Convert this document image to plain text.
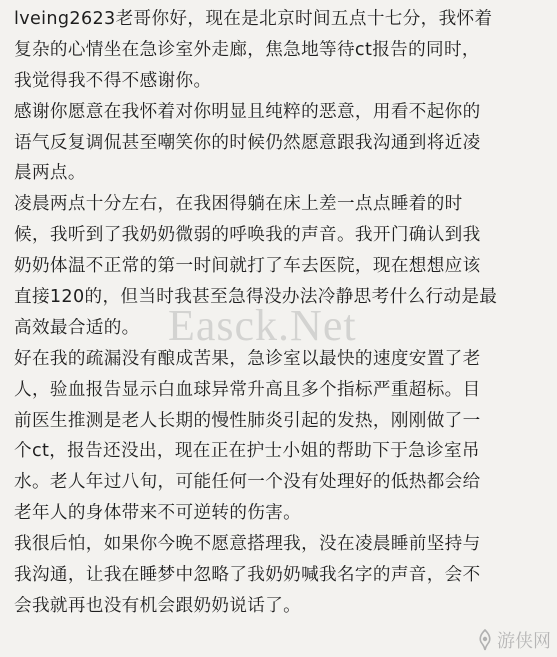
lveing2623老哥你好，现在是北京时间五点十七分，我怀着
复杂的心情坐在急诊室外走廊，焦急地等待ct报告的同时，
我觉得我不得不感谢你。
感谢你愿意在我怀着对你明显且纯粹的恶意，用看不起你的
语气反复调侃甚至嘲笑你的时候仍然愿意跟我沟通到将近凌
晨两点。
凌晨两点十分左右，在我困得躺在床上差一点点睡着的时
候，我听到了我奶奶微弱的呼唤我的声音。我开门确认到我
奶奶体温不正常的第一时间就打了车去医院，现在想想应该
直接120的，但当时我甚至急得没办法冷静思考什么行动是最
高效最合适的。
好在我的疏漏没有酿成苦果，急诊室以最快的速度安置了老
人，验血报告显示白血球异常升高且多个指标严重超标。目
前医生推测是老人长期的慢性肺炎引起的发热，刚刚做了一
个ct，报告还没出，现在正在护士小姐的帮助下于急诊室吊
水。老人年过八旬，可能任何一个没有处理好的低热都会给
老年人的身体带来不可逆转的伤害。
我很后怕，如果你今晚不愿意搭理我，没在凌晨睡前坚持与
我沟通，让我在睡梦中忽略了我奶奶喊我名字的声音，会不
会我就再也没有机会跟奶奶说话了。
Easck.Net
游侠网
